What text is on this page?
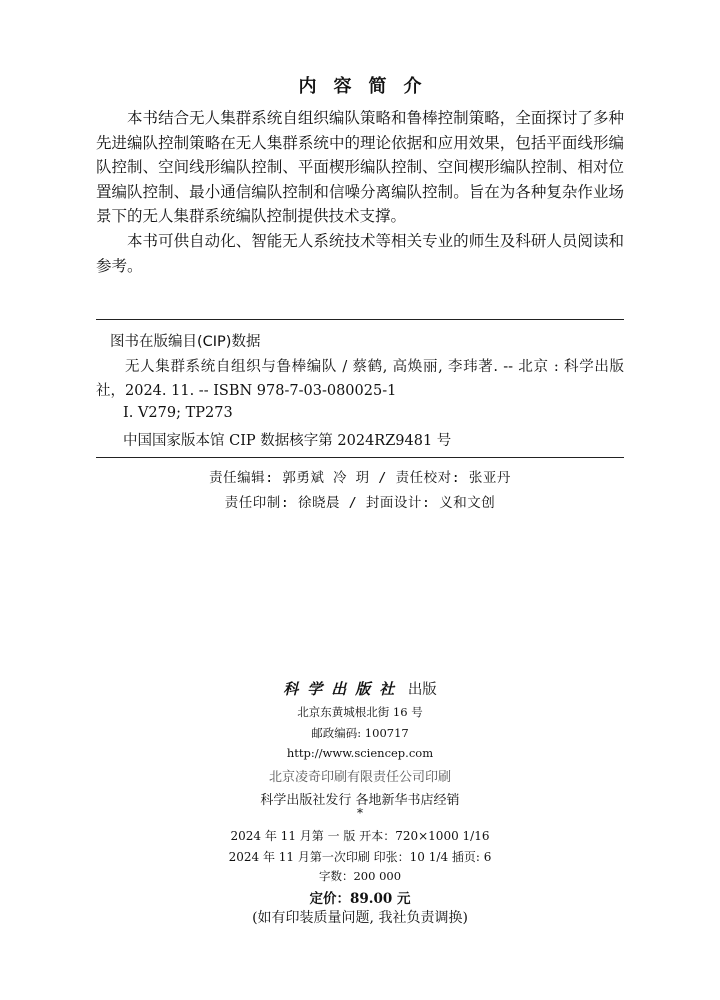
内容简介
本书结合无人集群系统自组织编队策略和鲁棒控制策略，全面探讨了多种先进编队控制策略在无人集群系统中的理论依据和应用效果，包括平面线形编队控制、空间线形编队控制、平面楔形编队控制、空间楔形编队控制、相对位置编队控制、最小通信编队控制和信噪分离编队控制。旨在为各种复杂作业场景下的无人集群系统编队控制提供技术支撑。
本书可供自动化、智能无人系统技术等相关专业的师生及科研人员阅读和参考。
图书在版编目(CIP)数据
无人集群系统自组织与鲁棒编队 / 蔡鹤, 高焕丽, 李玮著. -- 北京 : 科学出版社，2024. 11. -- ISBN 978-7-03-080025-1
Ⅰ. V279; TP273
中国国家版本馆 CIP 数据核字第 2024RZ9481 号
责任编辑: 郭勇斌 冷 玥 / 责任校对: 张亚丹
责任印制: 徐晓晨 / 封面设计: 义和文创
科学出版社 出版
北京东黄城根北街 16 号
邮政编码: 100717
http://www.sciencep.com
北京凌奇印刷有限责任公司印刷
科学出版社发行 各地新华书店经销
*
2024 年 11 月第 一 版 开本：720×1000 1/16
2024 年 11 月第一次印刷 印张：10 1/4 插页: 6
字数：200 000
定价：89.00 元
(如有印装质量问题, 我社负责调换)
